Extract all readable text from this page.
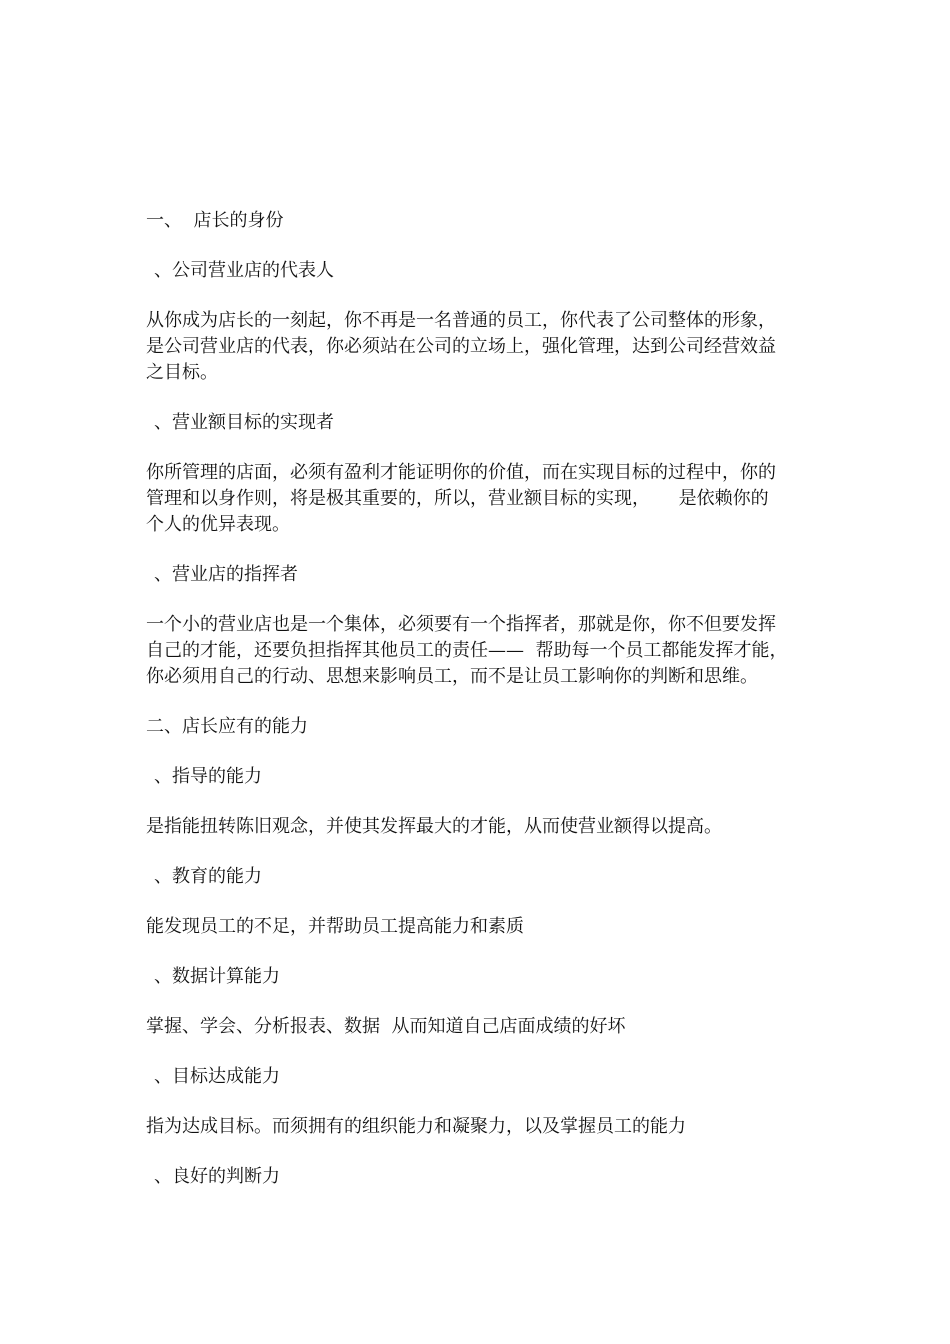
一、  店长的身份

、公司营业店的代表人

从你成为店长的一刻起，你不再是一名普通的员工，你代表了公司整体的形象，
是公司营业店的代表，你必须站在公司的立场上，强化管理，达到公司经营效益
之目标。

、营业额目标的实现者

你所管理的店面，必须有盈利才能证明你的价值，而在实现目标的过程中，你的
管理和以身作则，将是极其重要的，所以，营业额目标的实现，     是依赖你的
个人的优异表现。

、营业店的指挥者

一个小的营业店也是一个集体，必须要有一个指挥者，那就是你，你不但要发挥
自己的才能，还要负担指挥其他员工的责任——  帮助每一个员工都能发挥才能，
你必须用自己的行动、思想来影响员工，而不是让员工影响你的判断和思维。

二、店长应有的能力

、指导的能力

是指能扭转陈旧观念，并使其发挥最大的才能，从而使营业额得以提高。

、教育的能力

能发现员工的不足，并帮助员工提高能力和素质

、数据计算能力

掌握、学会、分析报表、数据  从而知道自己店面成绩的好坏

、目标达成能力

指为达成目标。而须拥有的组织能力和凝聚力，以及掌握员工的能力

、良好的判断力
